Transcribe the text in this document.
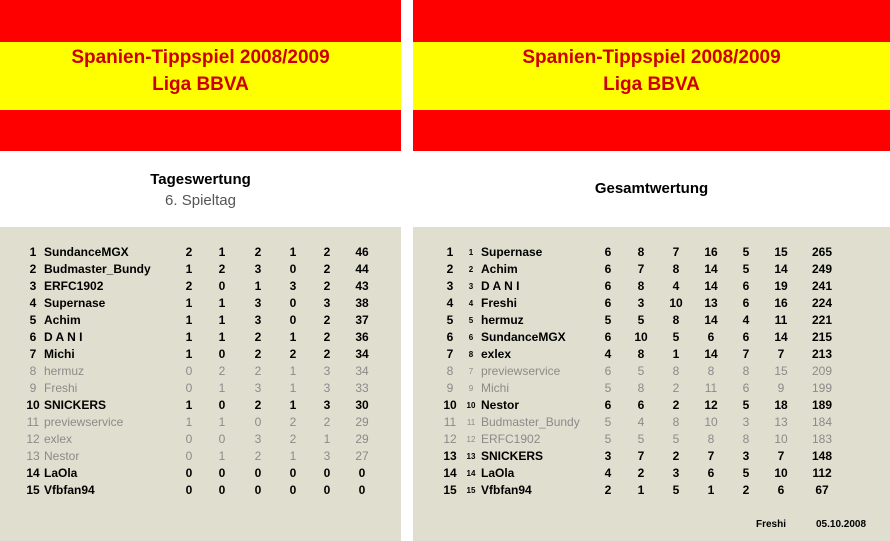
Spanien-Tippspiel 2008/2009
Liga BBVA
Tageswertung
6. Spieltag
1	SundanceMGX	2	1	2	1	2	46
2	Budmaster_Bundy	1	2	3	0	2	44
3	ERFC1902	2	0	1	3	2	43
4	Supernase	1	1	3	0	3	38
5	Achim	1	1	3	0	2	37
6	D A N I	1	1	2	1	2	36
7	Michi	1	0	2	2	2	34
8	hermuz	0	2	2	1	3	34
9	Freshi	0	1	3	1	3	33
10	SNICKERS	1	0	2	1	3	30
11	previewservice	1	1	0	2	2	29
12	exlex	0	0	3	2	1	29
13	Nestor	0	1	2	1	3	27
14	LaOla	0	0	0	0	0	0
15	Vfbfan94	0	0	0	0	0	0
Spanien-Tippspiel 2008/2009
Liga BBVA
Gesamtwertung
1	1	Supernase	6	8	7	16	5	15	265
2	2	Achim	6	7	8	14	5	14	249
3	3	D A N I	6	8	4	14	6	19	241
4	4	Freshi	6	3	10	13	6	16	224
5	5	hermuz	5	5	8	14	4	11	221
6	6	SundanceMGX	6	10	5	6	6	14	215
7	8	exlex	4	8	1	14	7	7	213
8	7	previewservice	6	5	8	8	8	15	209
9	9	Michi	5	8	2	11	6	9	199
10	10	Nestor	6	6	2	12	5	18	189
11	11	Budmaster_Bundy	5	4	8	10	3	13	184
12	12	ERFC1902	5	5	5	8	8	10	183
13	13	SNICKERS	3	7	2	7	3	7	148
14	14	LaOla	4	2	3	6	5	10	112
15	15	Vfbfan94	2	1	5	1	2	6	67
Freshi	05.10.2008
